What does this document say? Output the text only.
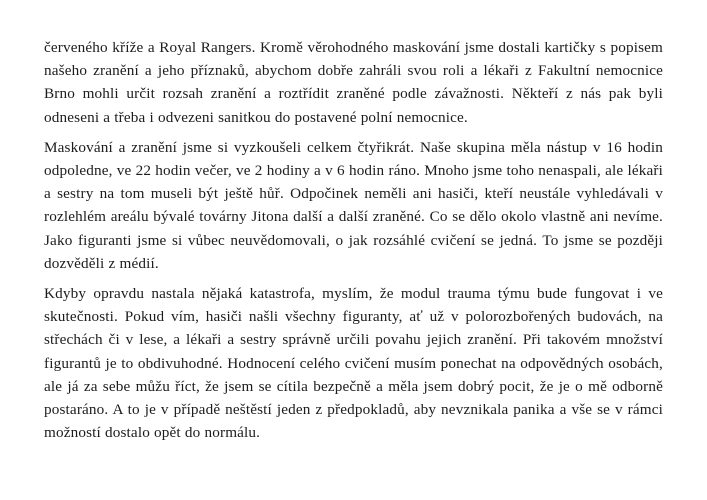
červeného kříže a Royal Rangers. Kromě věrohodného maskování jsme dostali kartičky s popisem našeho zranění a jeho příznaků, abychom dobře zahráli svou roli a lékaři z Fakultní nemocnice Brno mohli určit rozsah zranění a roztřídit zraněné podle závažnosti. Někteří z nás pak byli odneseni a třeba i odvezeni sanitkou do postavené polní nemocnice.

Maskování a zranění jsme si vyzkoušeli celkem čtyřikrát. Naše skupina měla nástup v 16 hodin odpoledne, ve 22 hodin večer, ve 2 hodiny a v 6 hodin ráno. Mnoho jsme toho nenaspali, ale lékaři a sestry na tom museli být ještě hůř. Odpočinek neměli ani hasiči, kteří neustále vyhledávali v rozlehlém areálu bývalé továrny Jitona další a další zraněné. Co se dělo okolo vlastně ani nevíme. Jako figuranti jsme si vůbec neuvědomovali, o jak rozsáhlé cvičení se jedná. To jsme se později dozvěděli z médií.

Kdyby opravdu nastala nějaká katastrofa, myslím, že modul trauma týmu bude fungovat i ve skutečnosti. Pokud vím, hasiči našli všechny figuranty, ať už v polorozbořených budovách, na střechách či v lese, a lékaři a sestry správně určili povahu jejich zranění. Při takovém množství figurantů je to obdivuhodné. Hodnocení celého cvičení musím ponechat na odpovědných osobách, ale já za sebe můžu říct, že jsem se cítila bezpečně a měla jsem dobrý pocit, že je o mě odborně postaráno. A to je v případě neštěstí jeden z předpokladů, aby nevznikala panika a vše se v rámci možností dostalo opět do normálu.
